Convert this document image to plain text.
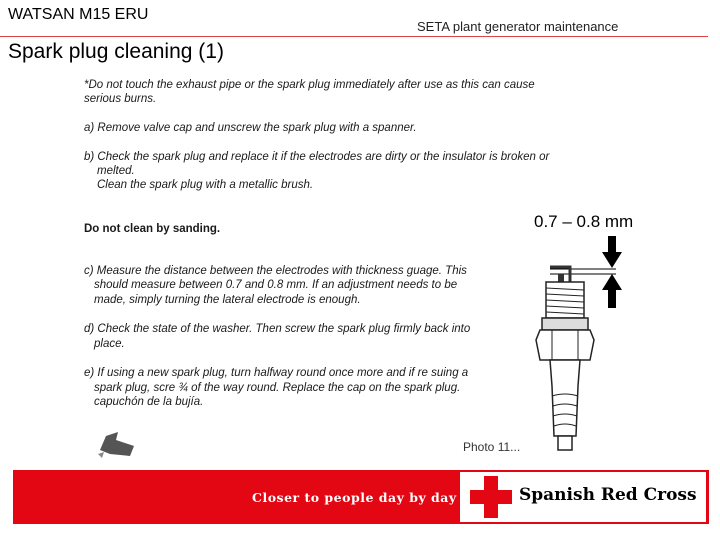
WATSAN M15 ERU
SETA plant generator maintenance
Spark plug cleaning (1)
*Do not touch the exhaust pipe or the spark plug immediately after use as this can cause
serious burns.
a) Remove valve cap and unscrew the spark plug with a spanner.
b) Check the spark plug and replace it if the electrodes are dirty or the insulator is broken or
melted.
Clean the spark plug with a metallic brush.
Do not clean by sanding.
c) Measure the distance between the electrodes with thickness guage. This
should measure between 0.7 and 0.8 mm. If an adjustment needs to be
made, simply turning the lateral electrode is enough.
d) Check the state of the washer. Then screw the spark plug firmly back into
place.
e) If using a new spark plug, turn halfway round once more and if re suing a
spark plug, scre ¾ of the way round. Replace the cap on the spark plug.
capuchón de la bujía.
0.7 – 0.8 mm
Photo 11...
Closer to people day by day	Spanish Red Cross
